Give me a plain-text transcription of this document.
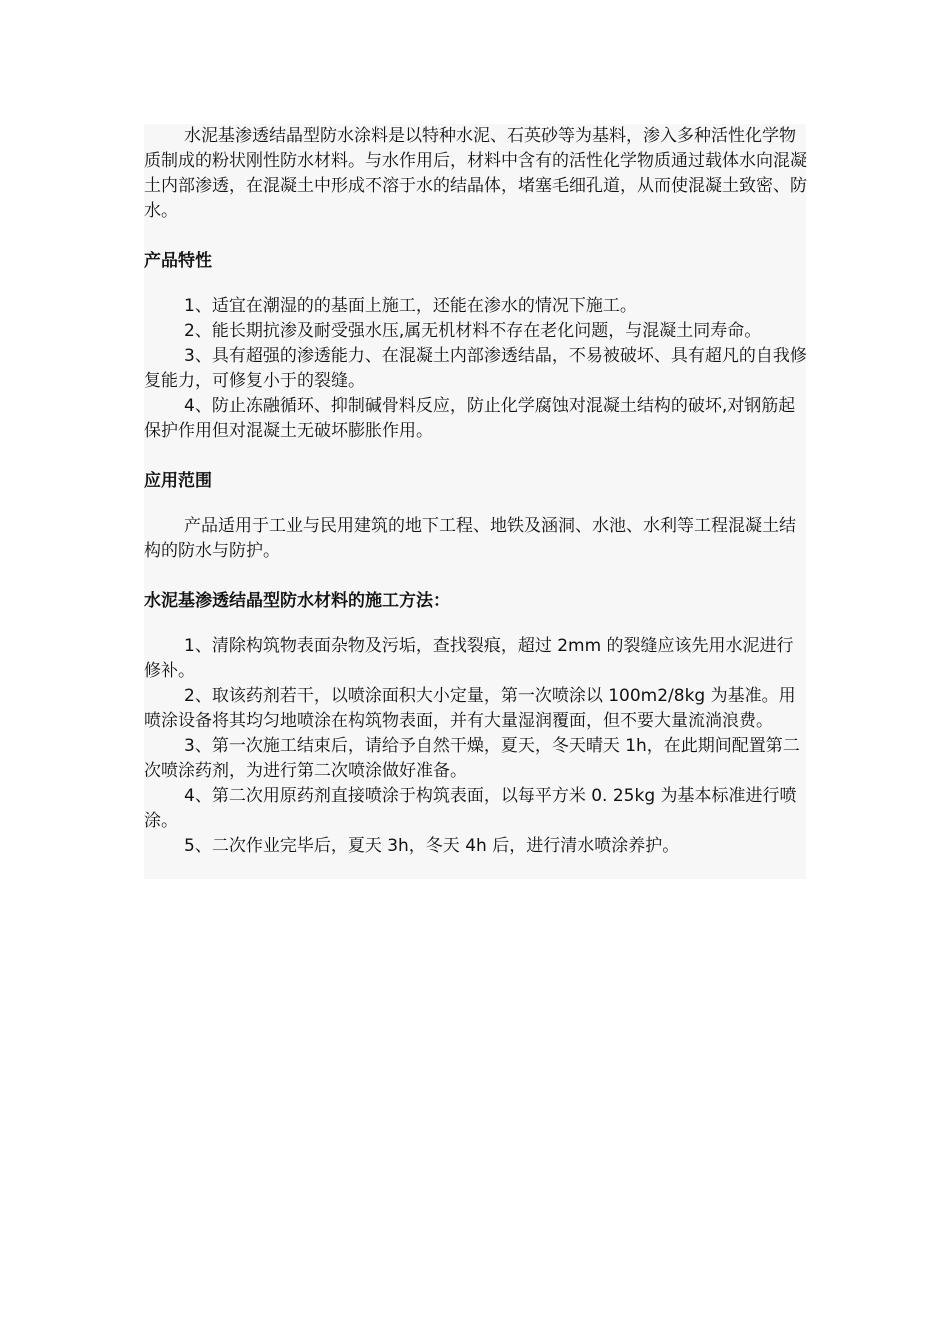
水泥基渗透结晶型防水涂料是以特种水泥、石英砂等为基料，渗入多种活性化学物质制成的粉状刚性防水材料。与水作用后，材料中含有的活性化学物质通过载体水向混凝土内部渗透，在混凝土中形成不溶于水的结晶体，堵塞毛细孔道，从而使混凝土致密、防水。

产品特性

1、适宜在潮湿的的基面上施工，还能在渗水的情况下施工。

2、能长期抗渗及耐受强水压,属无机材料不存在老化问题，与混凝土同寿命。

3、具有超强的渗透能力、在混凝土内部渗透结晶，不易被破坏、具有超凡的自我修复能力，可修复小于的裂缝。

4、防止冻融循环、抑制碱骨料反应，防止化学腐蚀对混凝土结构的破坏,对钢筋起保护作用但对混凝土无破坏膨胀作用。

应用范围

产品适用于工业与民用建筑的地下工程、地铁及涵洞、水池、水利等工程混凝土结构的防水与防护。

水泥基渗透结晶型防水材料的施工方法：

1、清除构筑物表面杂物及污垢，查找裂痕，超过 2mm 的裂缝应该先用水泥进行修补。

2、取该药剂若干，以喷涂面积大小定量，第一次喷涂以 100m2/8kg 为基准。用喷涂设备将其均匀地喷涂在构筑物表面，并有大量湿润覆面，但不要大量流淌浪费。

3、第一次施工结束后，请给予自然干燥，夏天，冬天晴天 1h，在此期间配置第二次喷涂药剂，为进行第二次喷涂做好准备。

4、第二次用原药剂直接喷涂于构筑表面，以每平方米 0. 25kg 为基本标准进行喷涂。

5、二次作业完毕后，夏天 3h，冬天 4h 后，进行清水喷涂养护。
